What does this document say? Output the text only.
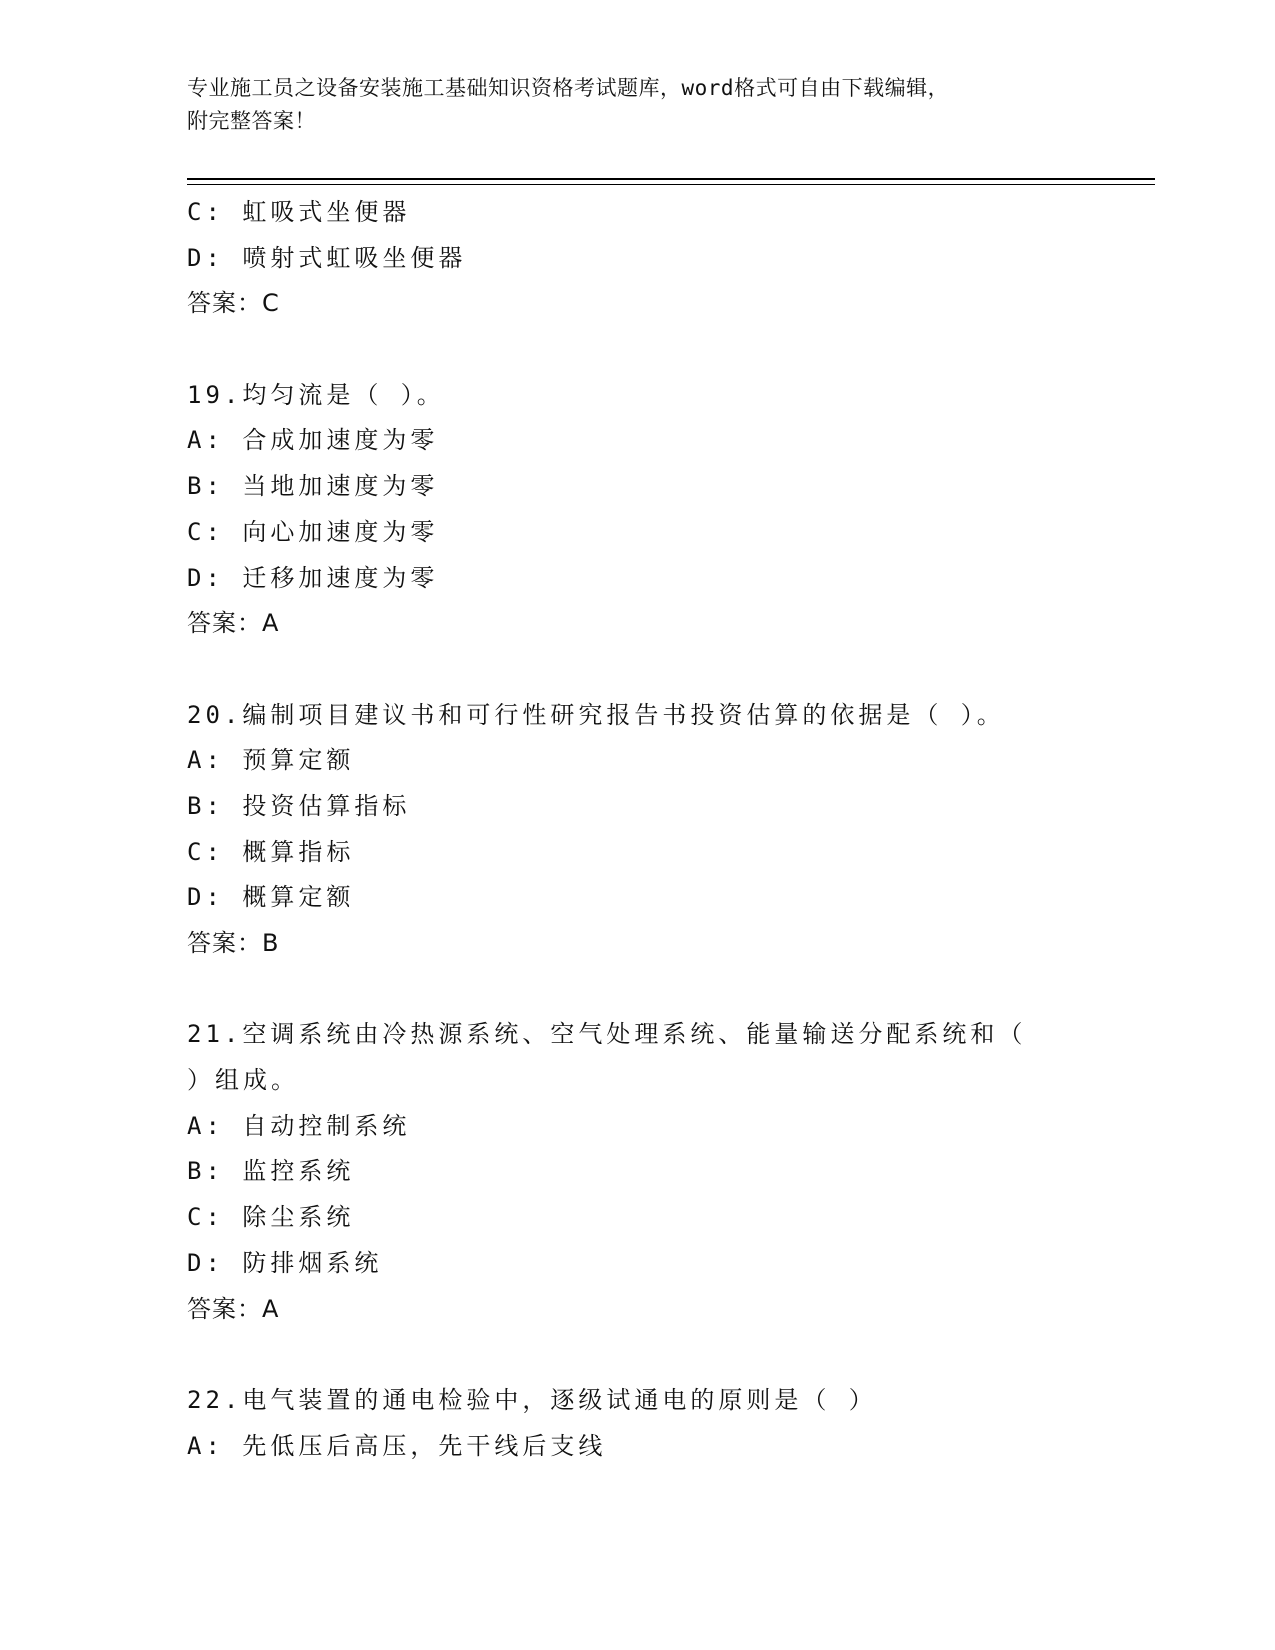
专业施工员之设备安装施工基础知识资格考试题库，word格式可自由下载编辑，
附完整答案！
C: 虹吸式坐便器
D: 喷射式虹吸坐便器
答案：C
19.均匀流是（ ）。
A: 合成加速度为零
B: 当地加速度为零
C: 向心加速度为零
D: 迁移加速度为零
答案：A
20.编制项目建议书和可行性研究报告书投资估算的依据是（ ）。
A: 预算定额
B: 投资估算指标
C: 概算指标
D: 概算定额
答案：B
21.空调系统由冷热源系统、空气处理系统、能量输送分配系统和（
）组成。
A: 自动控制系统
B: 监控系统
C: 除尘系统
D: 防排烟系统
答案：A
22.电气装置的通电检验中，逐级试通电的原则是（ ）
A: 先低压后高压，先干线后支线
